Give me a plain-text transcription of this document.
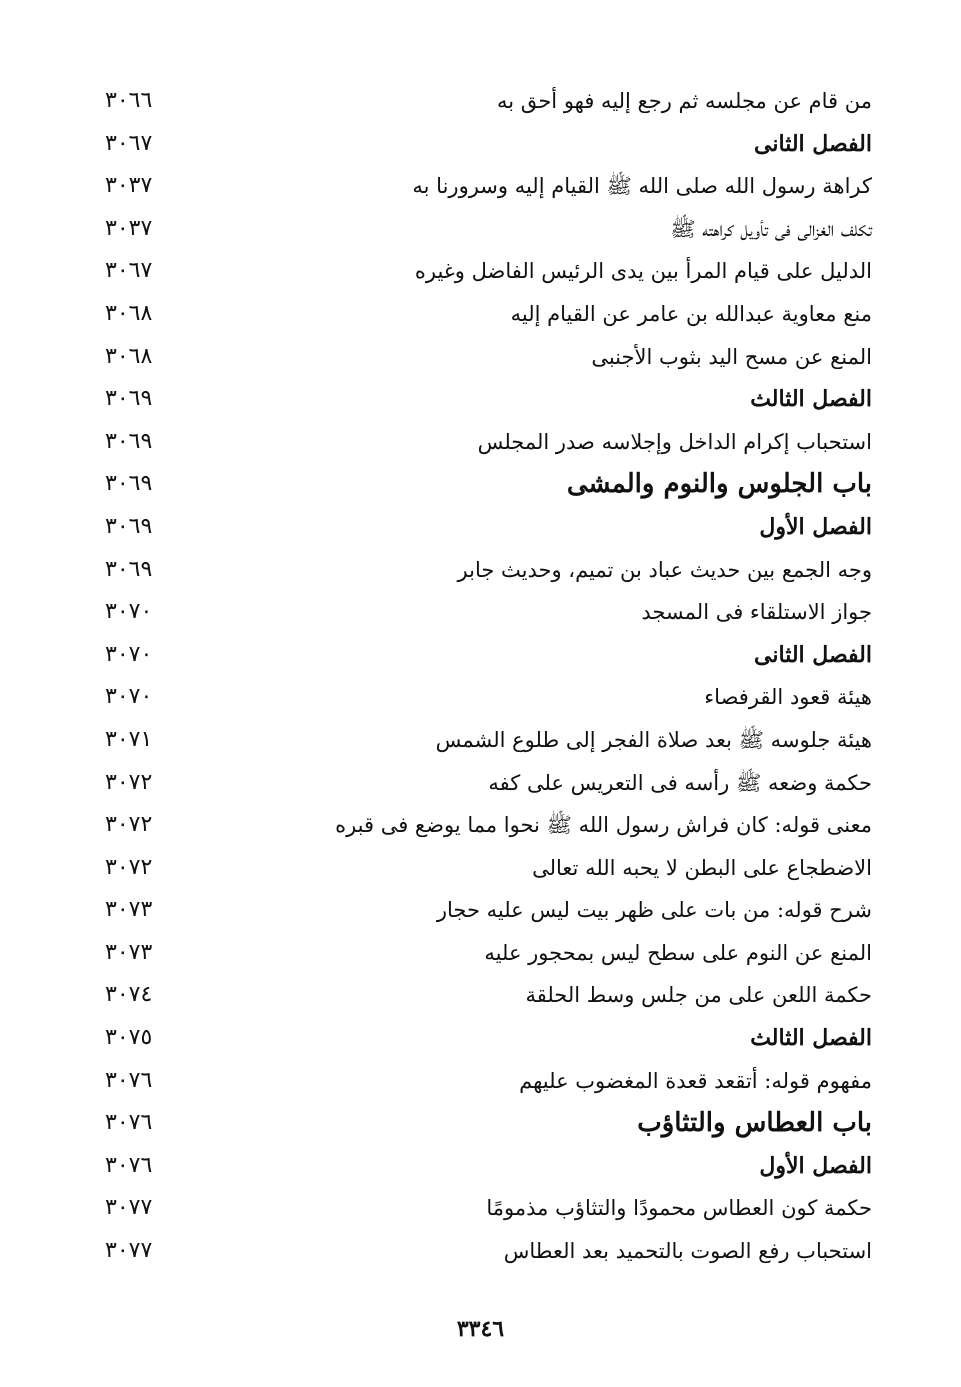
من قام عن مجلسه ثم رجع إليه فهو أحق به
٣٠٦٦
الفصل الثانى
٣٠٦٧
كراهة رسول الله صلى الله ﷺ القيام إليه وسرورنا به
٣٠٣٧
تكلف الغزالى فى تأويل كراهته ﷺ
٣٠٣٧
الدليل على قيام المرأ بين يدى الرئيس الفاضل وغيره
٣٠٦٧
منع معاوية عبدالله بن عامر عن القيام إليه
٣٠٦٨
المنع عن مسح اليد بثوب الأجنبى
٣٠٦٨
الفصل الثالث
٣٠٦٩
استحباب إكرام الداخل وإجلاسه صدر المجلس
٣٠٦٩
باب الجلوس والنوم والمشى
٣٠٦٩
الفصل الأول
٣٠٦٩
وجه الجمع بين حديث عباد بن تميم، وحديث جابر
٣٠٦٩
جواز الاستلقاء فى المسجد
٣٠٧٠
الفصل الثانى
٣٠٧٠
هيئة قعود القرفصاء
٣٠٧٠
هيئة جلوسه ﷺ بعد صلاة الفجر إلى طلوع الشمس
٣٠٧١
حكمة وضعه ﷺ رأسه فى التعريس على كفه
٣٠٧٢
معنى قوله: كان فراش رسول الله ﷺ نحوا مما يوضع فى قبره
٣٠٧٢
الاضطجاع على البطن لا يحبه الله تعالى
٣٠٧٢
شرح قوله: من بات على ظهر بيت ليس عليه حجار
٣٠٧٣
المنع عن النوم على سطح ليس بمحجور عليه
٣٠٧٣
حكمة اللعن على من جلس وسط الحلقة
٣٠٧٤
الفصل الثالث
٣٠٧٥
مفهوم قوله: أتقعد قعدة المغضوب عليهم
٣٠٧٦
باب العطاس والتثاؤب
٣٠٧٦
الفصل الأول
٣٠٧٦
حكمة كون العطاس محمودًا والتثاؤب مذمومًا
٣٠٧٧
استحباب رفع الصوت بالتحميد بعد العطاس
٣٠٧٧
٣٣٤٦
